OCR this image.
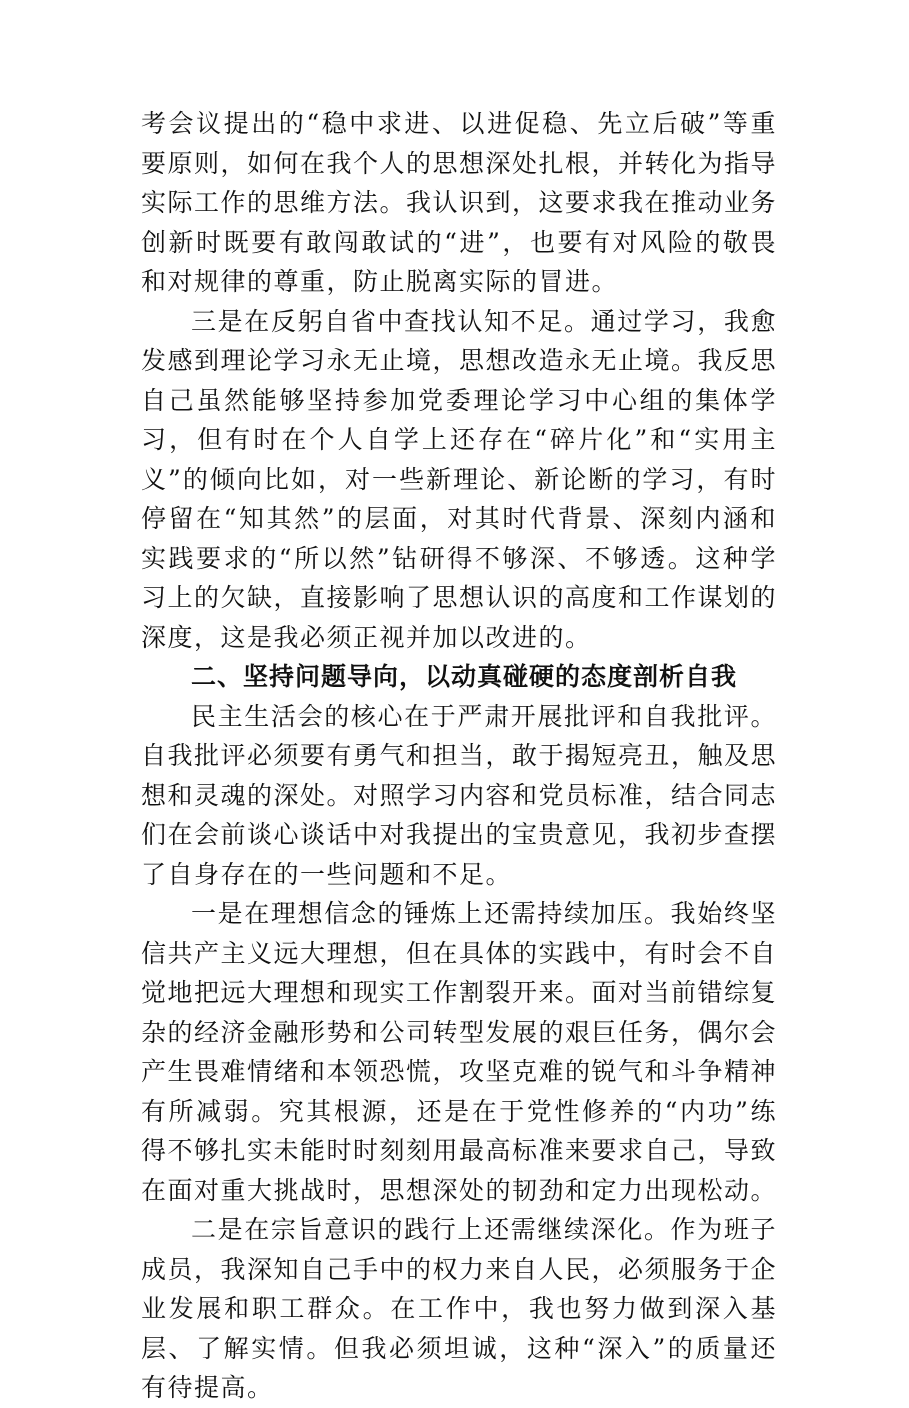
考会议提出的“稳中求进、以进促稳、先立后破”等重要原则，如何在我个人的思想深处扎根，并转化为指导实际工作的思维方法。我认识到，这要求我在推动业务创新时既要有敢闯敢试的“进”，也要有对风险的敬畏和对规律的尊重，防止脱离实际的冒进。

三是在反躬自省中查找认知不足。通过学习，我愈发感到理论学习永无止境，思想改造永无止境。我反思自己虽然能够坚持参加党委理论学习中心组的集体学习，但有时在个人自学上还存在“碎片化”和“实用主义”的倾向比如，对一些新理论、新论断的学习，有时停留在“知其然”的层面，对其时代背景、深刻内涵和实践要求的“所以然”钻研得不够深、不够透。这种学习上的欠缺，直接影响了思想认识的高度和工作谋划的深度，这是我必须正视并加以改进的。

二、坚持问题导向，以动真碰硬的态度剖析自我

民主生活会的核心在于严肃开展批评和自我批评。自我批评必须要有勇气和担当，敢于揭短亮丑，触及思想和灵魂的深处。对照学习内容和党员标准，结合同志们在会前谈心谈话中对我提出的宝贵意见，我初步查摆了自身存在的一些问题和不足。

一是在理想信念的锤炼上还需持续加压。我始终坚信共产主义远大理想，但在具体的实践中，有时会不自觉地把远大理想和现实工作割裂开来。面对当前错综复杂的经济金融形势和公司转型发展的艰巨任务，偶尔会产生畏难情绪和本领恐慌，攻坚克难的锐气和斗争精神有所减弱。究其根源，还是在于党性修养的“内功”练得不够扎实未能时时刻刻用最高标准来要求自己，导致在面对重大挑战时，思想深处的韧劲和定力出现松动。

二是在宗旨意识的践行上还需继续深化。作为班子成员，我深知自己手中的权力来自人民，必须服务于企业发展和职工群众。在工作中，我也努力做到深入基层、了解实情。但我必须坦诚，这种“深入”的质量还有待提高。
